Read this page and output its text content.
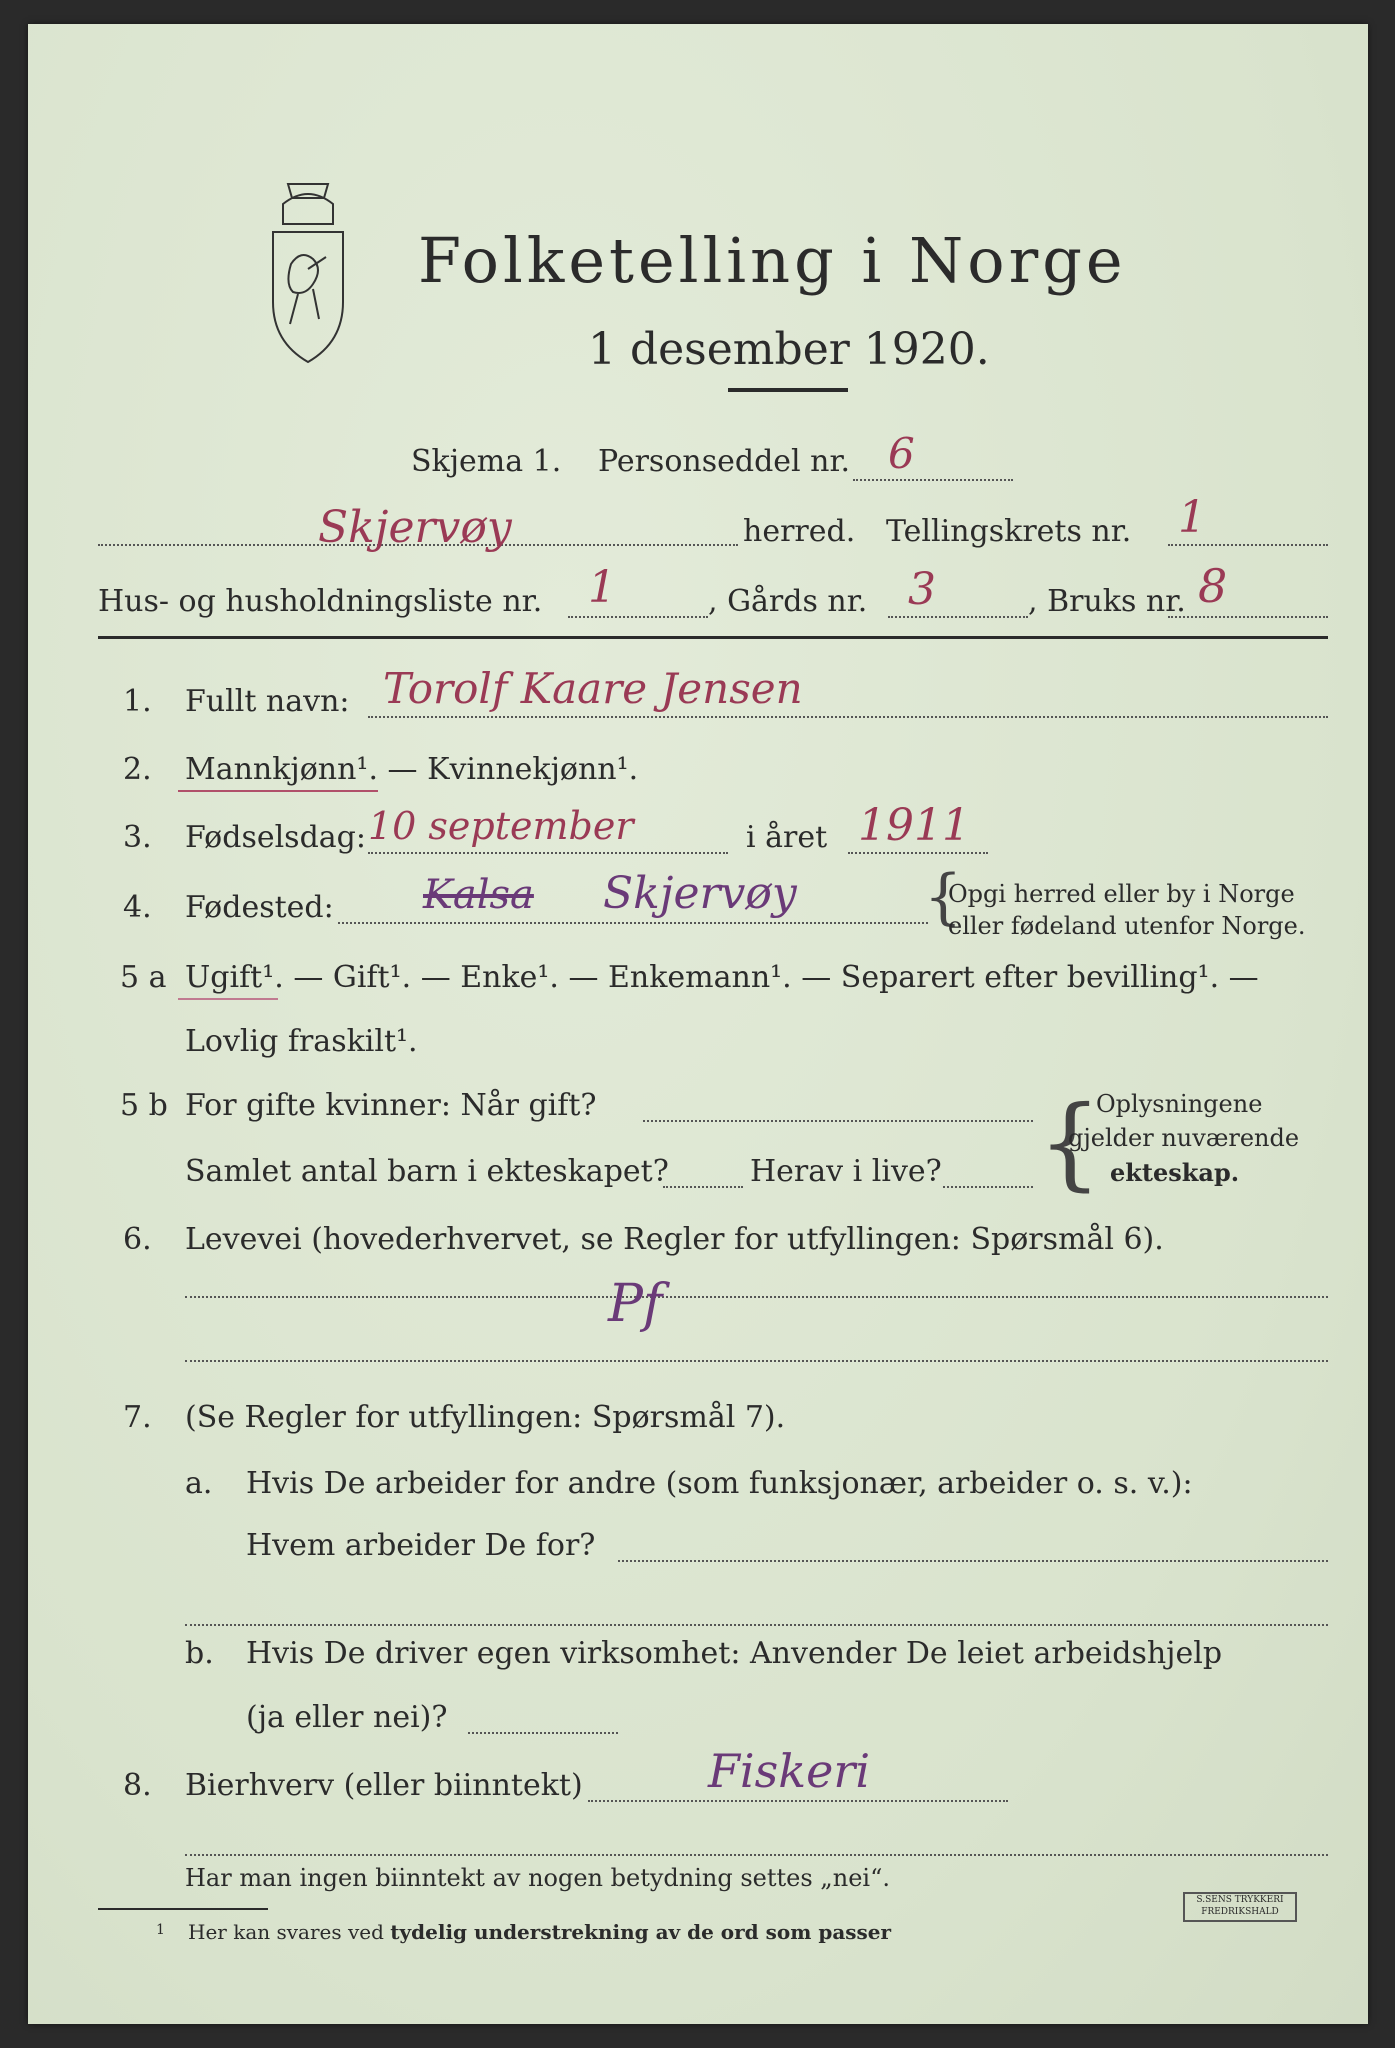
Folketelling i Norge
1 desember 1920.
Skjema 1. Personseddel nr. 6
Skjervøy	herred. Tellingskrets nr. 1
Hus- og husholdningsliste nr. 1	, Gårds nr. 3	, Bruks nr. 8
1. Fullt navn: Torolf Kaare Jensen
2. Mannkjønn¹. — Kvinnekjønn¹.
3. Fødselsdag: 10 september	i året 1911
4. Fødested: Kalsa Skjervøy {
Opgi herred eller by i Norge
eller fødeland utenfor Norge.
5 a Ugift¹. — Gift¹. — Enke¹. — Enkemann¹. — Separert efter bevilling¹. —
Lovlig fraskilt¹.
5 b For gifte kvinner: Når gift?
Samlet antal barn i ekteskapet?	Herav i live? {
Oplysningene
gjelder nuværende
ekteskap.
6. Levevei (hovederhvervet, se Regler for utfyllingen: Spørsmål 6).
Pf
7. (Se Regler for utfyllingen: Spørsmål 7).
a. Hvis De arbeider for andre (som funksjonær, arbeider o. s. v.):
Hvem arbeider De for?
b. Hvis De driver egen virksomhet: Anvender De leiet arbeidshjelp
(ja eller nei)?
8. Bierhverv (eller biinntekt)	Fiskeri
Har man ingen biinntekt av nogen betydning settes „nei“.
1 Her kan svares ved tydelig understrekning av de ord som passer
S.SENS TRYKKERI
FREDRIKSHALD
